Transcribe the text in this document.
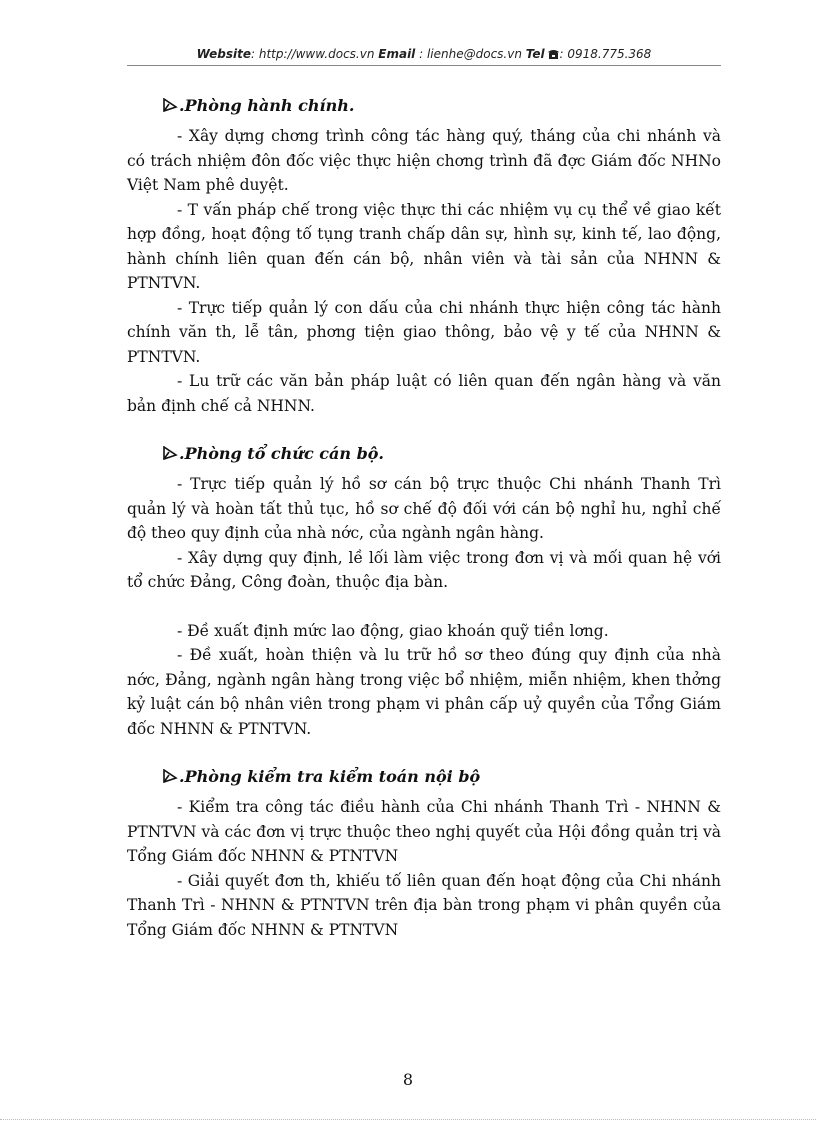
Website: http://www.docs.vn Email : lienhe@docs.vn Tel : 0918.775.368
.Phòng hành chính.

- Xây dựng chơng trình công tác hàng quý, tháng của chi nhánh và có trách nhiệm đôn đốc việc thực hiện chơng trình đã đợc Giám đốc NHNo Việt Nam phê duyệt.

- T vấn pháp chế trong việc thực thi các nhiệm vụ cụ thể về giao kết hợp đồng, hoạt động tố tụng tranh chấp dân sự, hình sự, kinh tế, lao động, hành chính liên quan đến cán bộ, nhân viên và tài sản của NHNN & PTNTVN.

- Trực tiếp quản lý con dấu của chi nhánh thực hiện công tác hành chính văn th, lễ tân, phơng tiện giao thông, bảo vệ y tế của NHNN & PTNTVN.

- Lu trữ các văn bản pháp luật có liên quan đến ngân hàng và văn bản định chế cả NHNN.

.Phòng tổ chức cán bộ.

- Trực tiếp quản lý hồ sơ cán bộ trực thuộc Chi nhánh Thanh Trì quản lý và hoàn tất thủ tục, hồ sơ chế độ đối với cán bộ nghỉ hu, nghỉ chế độ theo quy định của nhà nớc, của ngành ngân hàng.

- Xây dựng quy định, lề lối làm việc trong đơn vị và mối quan hệ với tổ chức Đảng, Công đoàn, thuộc địa bàn.

- Đề xuất định mức lao động, giao khoán quỹ tiền lơng.

- Đề xuất, hoàn thiện và lu trữ hồ sơ theo đúng quy định của nhà nớc, Đảng, ngành ngân hàng trong việc bổ nhiệm, miễn nhiệm, khen thởng kỷ luật cán bộ nhân viên trong phạm vi phân cấp uỷ quyền của Tổng Giám đốc NHNN & PTNTVN.

.Phòng kiểm tra kiểm toán nội bộ

- Kiểm tra công tác điều hành của Chi nhánh Thanh Trì - NHNN & PTNTVN và các đơn vị trực thuộc theo nghị quyết của Hội đồng quản trị và Tổng Giám đốc NHNN & PTNTVN

- Giải quyết đơn th, khiếu tố liên quan đến hoạt động của Chi nhánh Thanh Trì - NHNN & PTNTVN trên địa bàn trong phạm vi phân quyền của Tổng Giám đốc NHNN & PTNTVN

8
